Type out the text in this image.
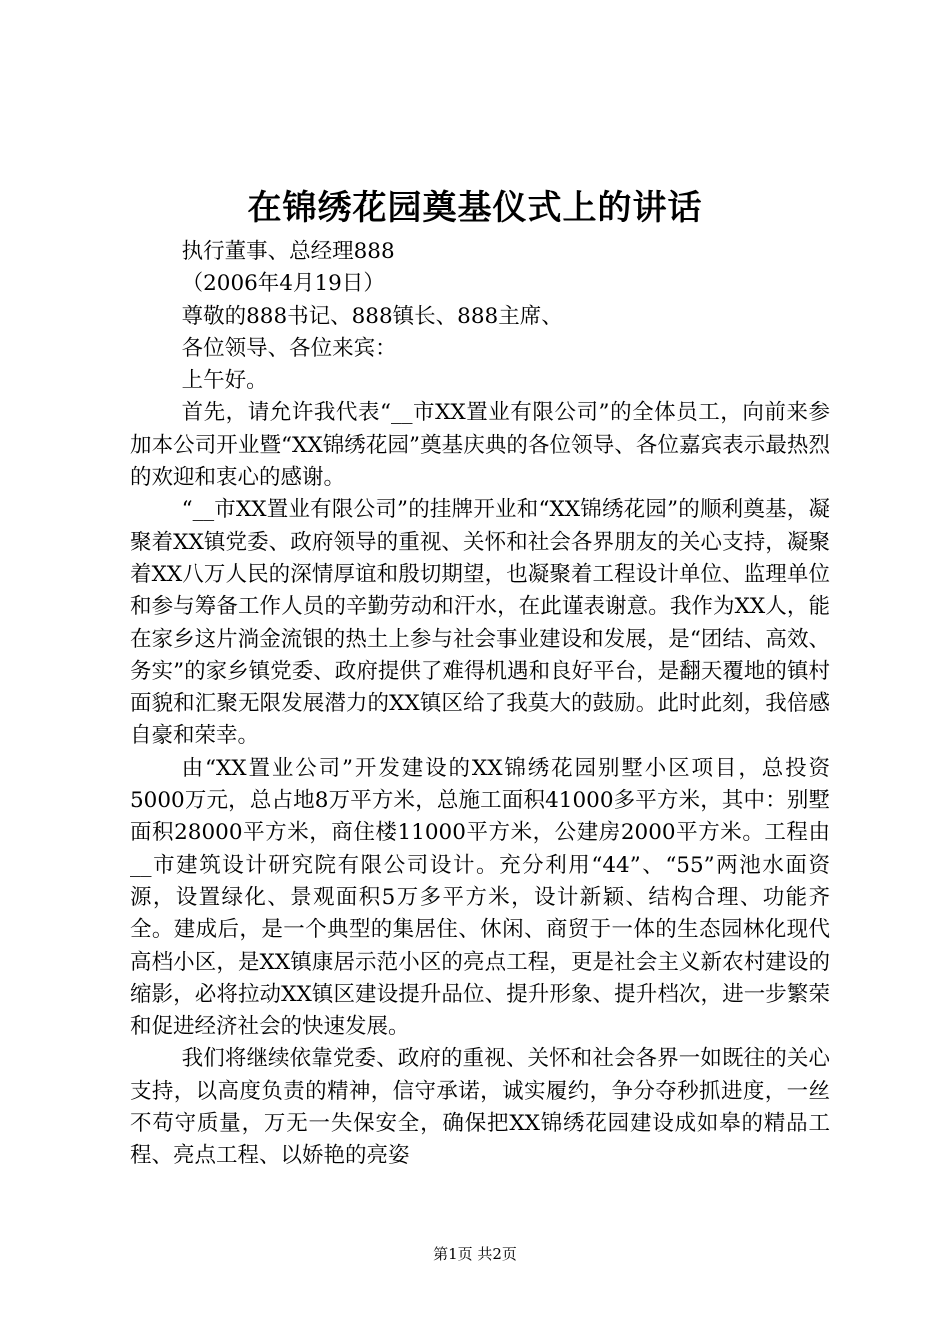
在锦绣花园奠基仪式上的讲话

执行董事、总经理888

（2006年4月19日）

尊敬的888书记、888镇长、888主席、

各位领导、各位来宾：

上午好。

首先，请允许我代表“__市XX置业有限公司”的全体员工，向前来参加本公司开业暨“XX锦绣花园”奠基庆典的各位领导、各位嘉宾表示最热烈的欢迎和衷心的感谢。

“__市XX置业有限公司”的挂牌开业和“XX锦绣花园”的顺利奠基，凝聚着XX镇党委、政府领导的重视、关怀和社会各界朋友的关心支持，凝聚着XX八万人民的深情厚谊和殷切期望，也凝聚着工程设计单位、监理单位和参与筹备工作人员的辛勤劳动和汗水，在此谨表谢意。我作为XX人，能在家乡这片淌金流银的热土上参与社会事业建设和发展，是“团结、高效、务实”的家乡镇党委、政府提供了难得机遇和良好平台，是翻天覆地的镇村面貌和汇聚无限发展潜力的XX镇区给了我莫大的鼓励。此时此刻，我倍感自豪和荣幸。

由“XX置业公司”开发建设的XX锦绣花园别墅小区项目，总投资5000万元，总占地8万平方米，总施工面积41000多平方米，其中：别墅面积28000平方米，商住楼11000平方米，公建房2000平方米。工程由__市建筑设计研究院有限公司设计。充分利用“44”、“55”两池水面资源，设置绿化、景观面积5万多平方米，设计新颖、结构合理、功能齐全。建成后，是一个典型的集居住、休闲、商贸于一体的生态园林化现代高档小区，是XX镇康居示范小区的亮点工程，更是社会主义新农村建设的缩影，必将拉动XX镇区建设提升品位、提升形象、提升档次，进一步繁荣和促进经济社会的快速发展。

我们将继续依靠党委、政府的重视、关怀和社会各界一如既往的关心支持，以高度负责的精神，信守承诺，诚实履约，争分夺秒抓进度，一丝不苟守质量，万无一失保安全，确保把XX锦绣花园建设成如皋的精品工程、亮点工程、以娇艳的亮姿

第1页 共2页
